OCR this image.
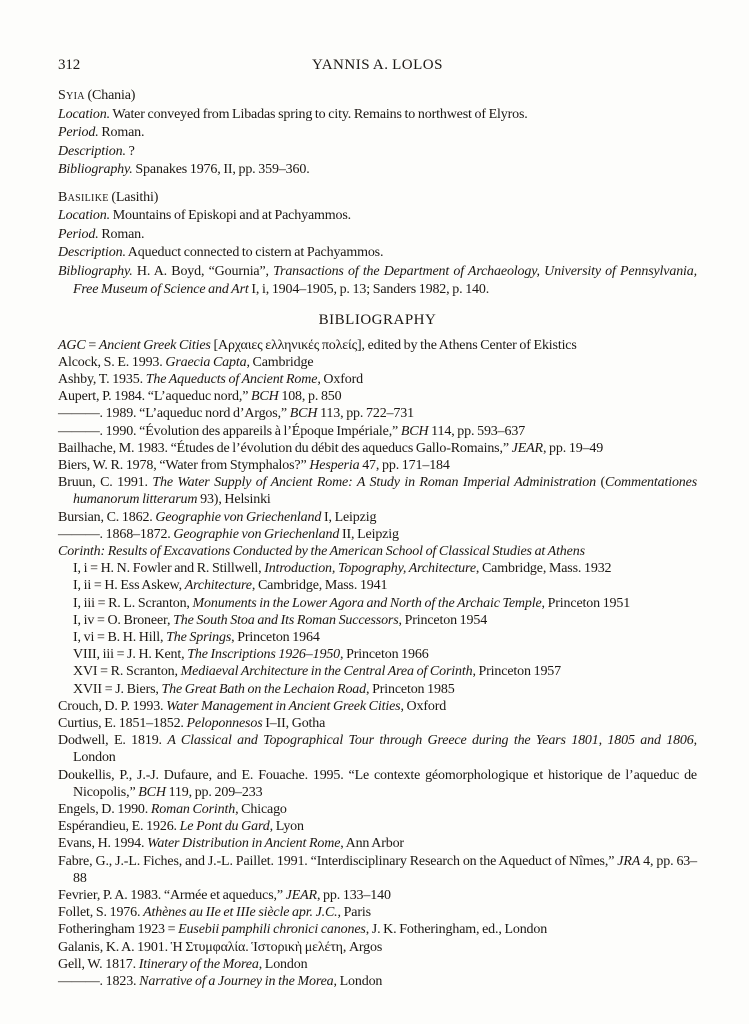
312	YANNIS A. LOLOS

Syia (Chania)

Location. Water conveyed from Libadas spring to city. Remains to northwest of Elyros.

Period. Roman.

Description. ?

Bibliography. Spanakes 1976, II, pp. 359–360.

Basilike (Lasithi)

Location. Mountains of Episkopi and at Pachyammos.

Period. Roman.

Description. Aqueduct connected to cistern at Pachyammos.

Bibliography. H. A. Boyd, “Gournia”, Transactions of the Department of Archaeology, University of Pennsylvania, Free Museum of Science and Art I, i, 1904–1905, p. 13; Sanders 1982, p. 140.

BIBLIOGRAPHY

AGC = Ancient Greek Cities [Αρχαιες ελληνικές πολείς], edited by the Athens Center of Ekistics

Alcock, S. E. 1993. Graecia Capta, Cambridge

Ashby, T. 1935. The Aqueducts of Ancient Rome, Oxford

Aupert, P. 1984. “L’aqueduc nord,” BCH 108, p. 850

———. 1989. “L’aqueduc nord d’Argos,” BCH 113, pp. 722–731

———. 1990. “Évolution des appareils à l’Époque Impériale,” BCH 114, pp. 593–637

Bailhache, M. 1983. “Études de l’évolution du débit des aqueducs Gallo-Romains,” JEAR, pp. 19–49

Biers, W. R. 1978, “Water from Stymphalos?” Hesperia 47, pp. 171–184

Bruun, C. 1991. The Water Supply of Ancient Rome: A Study in Roman Imperial Administration (Commentationes humanorum litterarum 93), Helsinki

Bursian, C. 1862. Geographie von Griechenland I, Leipzig

———. 1868–1872. Geographie von Griechenland II, Leipzig

Corinth: Results of Excavations Conducted by the American School of Classical Studies at Athens

I, i = H. N. Fowler and R. Stillwell, Introduction, Topography, Architecture, Cambridge, Mass. 1932

I, ii = H. Ess Askew, Architecture, Cambridge, Mass. 1941

I, iii = R. L. Scranton, Monuments in the Lower Agora and North of the Archaic Temple, Princeton 1951

I, iv = O. Broneer, The South Stoa and Its Roman Successors, Princeton 1954

I, vi = B. H. Hill, The Springs, Princeton 1964

VIII, iii = J. H. Kent, The Inscriptions 1926–1950, Princeton 1966

XVI = R. Scranton, Mediaeval Architecture in the Central Area of Corinth, Princeton 1957

XVII = J. Biers, The Great Bath on the Lechaion Road, Princeton 1985

Crouch, D. P. 1993. Water Management in Ancient Greek Cities, Oxford

Curtius, E. 1851–1852. Peloponnesos I–II, Gotha

Dodwell, E. 1819. A Classical and Topographical Tour through Greece during the Years 1801, 1805 and 1806, London

Doukellis, P., J.-J. Dufaure, and E. Fouache. 1995. “Le contexte géomorphologique et historique de l’aqueduc de Nicopolis,” BCH 119, pp. 209–233

Engels, D. 1990. Roman Corinth, Chicago

Espérandieu, E. 1926. Le Pont du Gard, Lyon

Evans, H. 1994. Water Distribution in Ancient Rome, Ann Arbor

Fabre, G., J.-L. Fiches, and J.-L. Paillet. 1991. “Interdisciplinary Research on the Aqueduct of Nîmes,” JRA 4, pp. 63–88

Fevrier, P. A. 1983. “Armée et aqueducs,” JEAR, pp. 133–140

Follet, S. 1976. Athènes au IIe et IIIe siècle apr. J.C., Paris

Fotheringham 1923 = Eusebii pamphili chronici canones, J. K. Fotheringham, ed., London

Galanis, K. A. 1901. Ἡ Στυμφαλία. Ἱστορικὴ μελέτη, Argos

Gell, W. 1817. Itinerary of the Morea, London

———. 1823. Narrative of a Journey in the Morea, London
